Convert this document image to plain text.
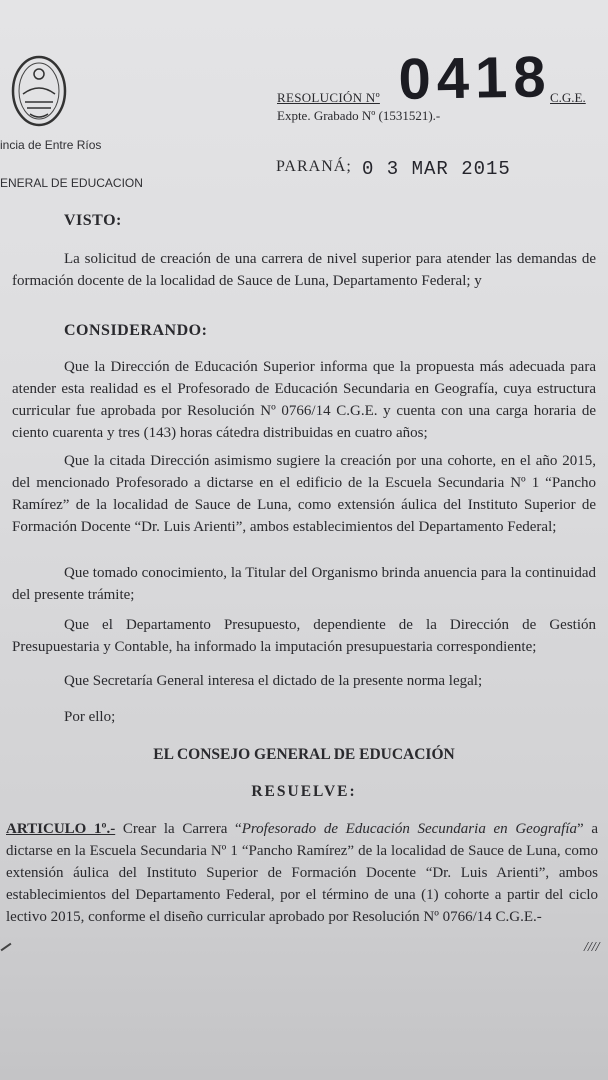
incia de Entre Ríos
ENERAL DE EDUCACION
RESOLUCIÓN Nº 0418
C.G.E.
Expte. Grabado Nº (1531521).-
PARANÁ; 0 3 MAR 2015
VISTO:
La solicitud de creación de una carrera de nivel superior para atender las demandas de formación docente de la localidad de Sauce de Luna, Departamento Federal; y
CONSIDERANDO:
Que la Dirección de Educación Superior informa que la propuesta más adecuada para atender esta realidad es el Profesorado de Educación Secundaria en Geografía, cuya estructura curricular fue aprobada por Resolución Nº 0766/14 C.G.E. y cuenta con una carga horaria de ciento cuarenta y tres (143) horas cátedra distribuidas en cuatro años;
Que la citada Dirección asimismo sugiere la creación por una cohorte, en el año 2015, del mencionado Profesorado a dictarse en el edificio de la Escuela Secundaria Nº 1 “Pancho Ramírez” de la localidad de Sauce de Luna, como extensión áulica del Instituto Superior de Formación Docente “Dr. Luis Arienti”, ambos establecimientos del Departamento Federal;
Que tomado conocimiento, la Titular del Organismo brinda anuencia para la continuidad del presente trámite;
Que el Departamento Presupuesto, dependiente de la Dirección de Gestión Presupuestaria y Contable, ha informado la imputación presupuestaria correspondiente;
Que Secretaría General interesa el dictado de la presente norma legal;
Por ello;
EL CONSEJO GENERAL DE EDUCACIÓN
RESUELVE:
ARTICULO 1º.- Crear la Carrera “Profesorado de Educación Secundaria en Geografía” a dictarse en la Escuela Secundaria Nº 1 “Pancho Ramírez” de la localidad de Sauce de Luna, como extensión áulica del Instituto Superior de Formación Docente “Dr. Luis Arienti”, ambos establecimientos del Departamento Federal, por el término de una (1) cohorte a partir del ciclo lectivo 2015, conforme el diseño curricular aprobado por Resolución Nº 0766/14 C.G.E.-
////
